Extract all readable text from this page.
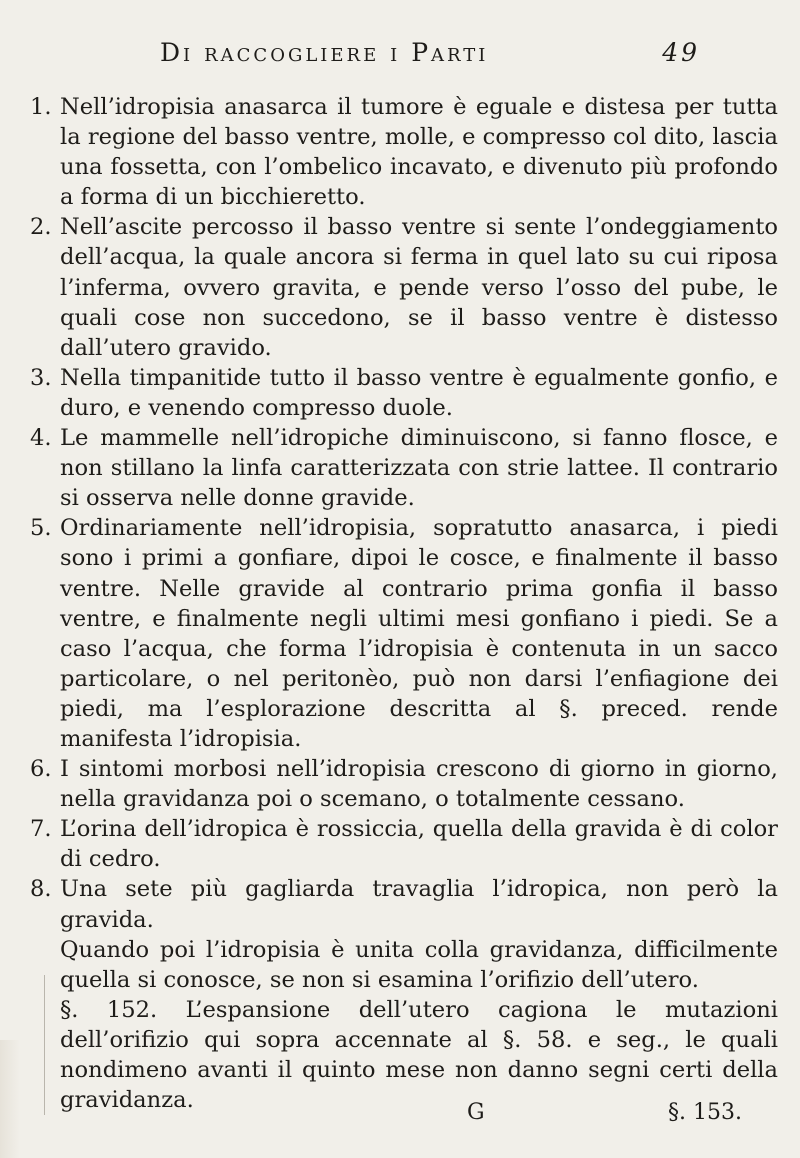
Di raccogliere i Parti	49

1. Nell’idropisia anasarca il tumore è eguale e distesa per tutta la regione del basso ventre, molle, e compresso col dito, lascia una fossetta, con l’ombelico incavato, e divenuto più profondo a forma di un bicchieretto.

2. Nell’ascite percosso il basso ventre si sente l’ondeggiamento dell’acqua, la quale ancora si ferma in quel lato su cui riposa l’inferma, ovvero gravita, e pende verso l’osso del pube, le quali cose non succedono, se il basso ventre è distesso dall’utero gravido.

3. Nella timpanitide tutto il basso ventre è egualmente gonfio, e duro, e venendo compresso duole.

4. Le mammelle nell’idropiche diminuiscono, si fanno flosce, e non stillano la linfa caratterizzata con strie lattee. Il contrario si osserva nelle donne gravide.

5. Ordinariamente nell’idropisia, sopratutto anasarca, i piedi sono i primi a gonfiare, dipoi le cosce, e finalmente il basso ventre. Nelle gravide al contrario prima gonfia il basso ventre, e finalmente negli ultimi mesi gonfiano i piedi. Se a caso l’acqua, che forma l’idropisia è contenuta in un sacco particolare, o nel peritonèo, può non darsi l’enfiagione dei piedi, ma l’esplorazione descritta al §. preced. rende manifesta l’idropisia.

6. I sintomi morbosi nell’idropisia crescono di giorno in giorno, nella gravidanza poi o scemano, o totalmente cessano.

7. L’orina dell’idropica è rossiccia, quella della gravida è di color di cedro.

8. Una sete più gagliarda travaglia l’idropica, non però la gravida.

Quando poi l’idropisia è unita colla gravidanza, difficilmente quella si conosce, se non si esamina l’orifizio dell’utero.

§. 152. L’espansione dell’utero cagiona le mutazioni dell’orifizio qui sopra accennate al §. 58. e seg., le quali nondimeno avanti il quinto mese non danno segni certi della gravidanza.	G	§. 153.
